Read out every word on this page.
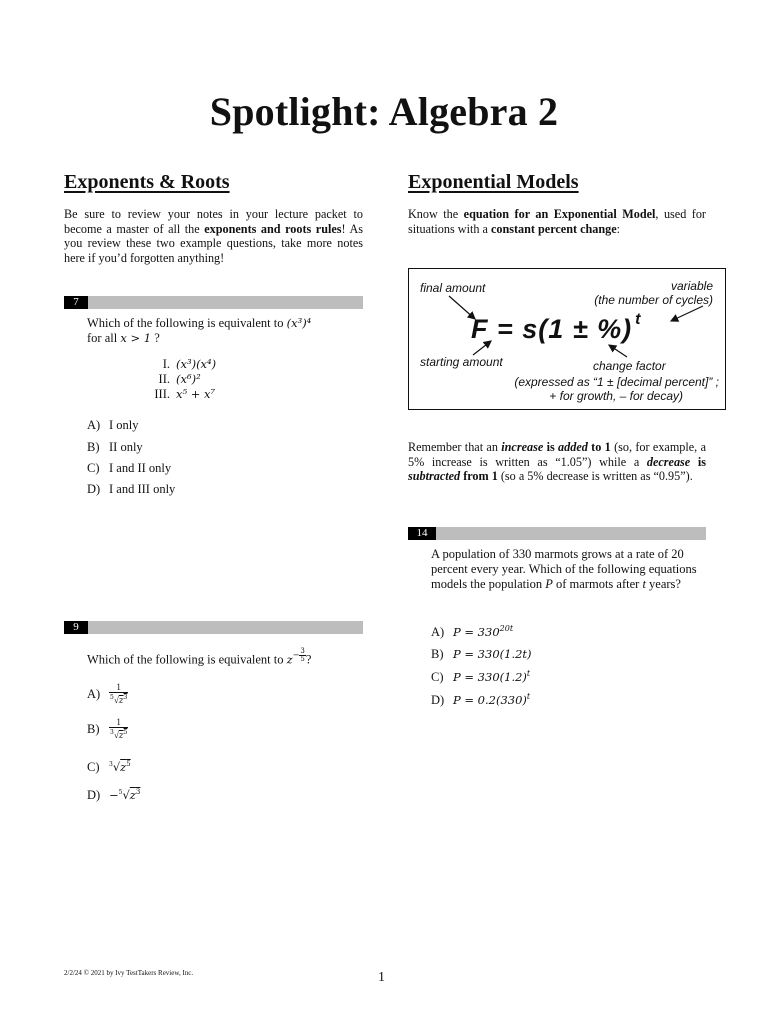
Spotlight: Algebra 2
Exponents & Roots
Be sure to review your notes in your lecture packet to become a master of all the exponents and roots rules! As you review these two example questions, take more notes here if you’d forgotten anything!
7
Which of the following is equivalent to (x³)⁴
for all x > 1 ?
I. (x³)(x⁴)
II. (x⁶)²
III. x⁵ + x⁷
A) I only
B) II only
C) I and II only
D) I and III only
9
Which of the following is equivalent to $z- \frac{3}{5}$ ?
$A) \frac{1}{^5√z^3}$
$B) \frac{1}{^3√z^5}$
C) $^3√z^5$
$D) -^5√z^3$
Exponential Models
Know the equation for an Exponential Model, used for situations with a constant percent change:
final amount	variable
(the number of cycles)
F = s(1 ± %) $^t$
starting amount	change factor
(expressed as “1 ± [decimal percent]” ;
+ for growth, – for decay)
Remember that an increase is added to 1 (so, for example, a 5% increase is written as “1.05”) while a decrease is subtracted from 1 (so a 5% decrease is written as “0.95”).
14
A population of 330 marmots grows at a rate of 20 percent every year. Which of the following equations models the population P of marmots after t years?
A) $P = 330^{20t}$
B) P = 330(1.2t)
C) $P = 330(1.2)^t$
D) $P = 0.2(330)^t$
2/2/24 © 2021 by Ivy TestTakers Review, Inc.	1
